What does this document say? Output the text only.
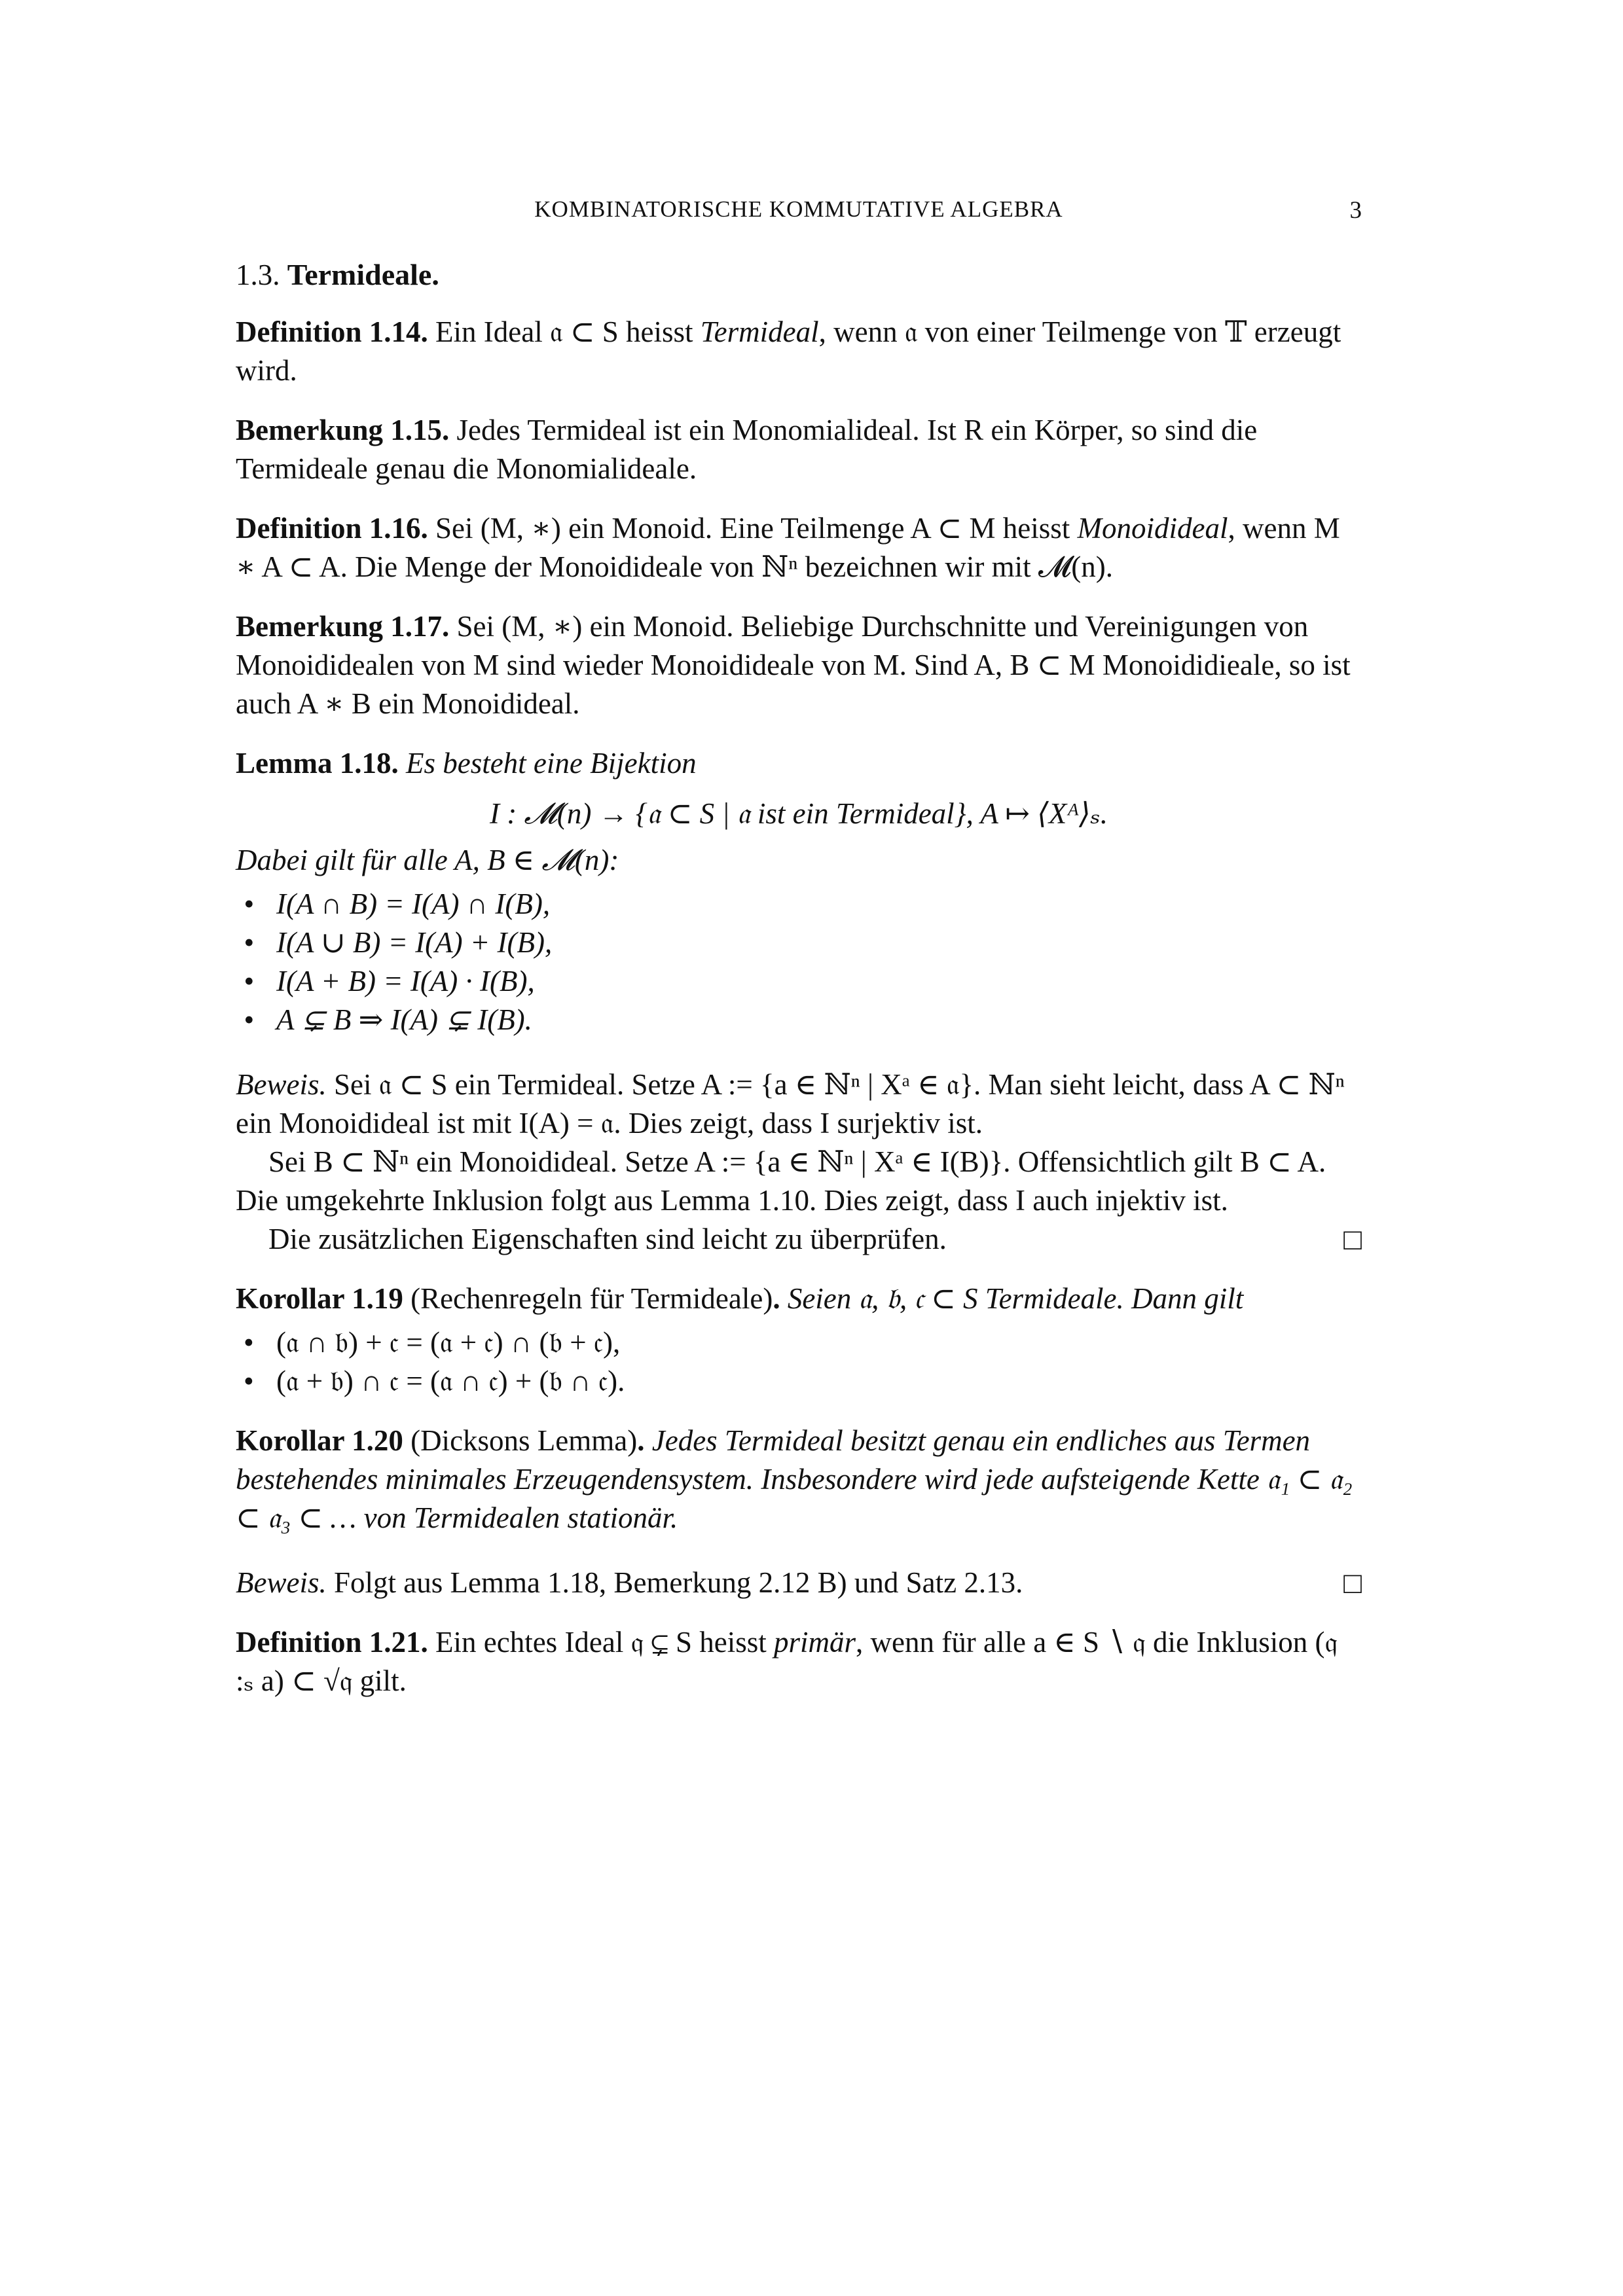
KOMBINATORISCHE KOMMUTATIVE ALGEBRA	3

1.3. Termideale.

Definition 1.14. Ein Ideal 𝔞 ⊂ S heisst Termideal, wenn 𝔞 von einer Teilmenge von 𝕋 erzeugt wird.

Bemerkung 1.15. Jedes Termideal ist ein Monomialideal. Ist R ein Körper, so sind die Termideale genau die Monomialideale.

Definition 1.16. Sei (M, ∗) ein Monoid. Eine Teilmenge A ⊂ M heisst Monoidideal, wenn M ∗ A ⊂ A. Die Menge der Monoidideale von ℕⁿ bezeichnen wir mit 𝓜(n).

Bemerkung 1.17. Sei (M, ∗) ein Monoid. Beliebige Durchschnitte und Vereinigungen von Monoididealen von M sind wieder Monoidideale von M. Sind A, B ⊂ M Monoididieale, so ist auch A ∗ B ein Monoidideal.

Lemma 1.18. Es besteht eine Bijektion

I : 𝓜(n) → {𝔞 ⊂ S | 𝔞 ist ein Termideal}, A ↦ ⟨Xᴬ⟩ₛ.

Dabei gilt für alle A, B ∈ 𝓜(n):

• I(A ∩ B) = I(A) ∩ I(B),
• I(A ∪ B) = I(A) + I(B),
• I(A + B) = I(A) · I(B),
• A ⊊ B ⇒ I(A) ⊊ I(B).

Beweis. Sei 𝔞 ⊂ S ein Termideal. Setze A := {a ∈ ℕⁿ | Xᵃ ∈ 𝔞}. Man sieht leicht, dass A ⊂ ℕⁿ ein Monoidideal ist mit I(A) = 𝔞. Dies zeigt, dass I surjektiv ist.

Sei B ⊂ ℕⁿ ein Monoidideal. Setze A := {a ∈ ℕⁿ | Xᵃ ∈ I(B)}. Offensichtlich gilt B ⊂ A. Die umgekehrte Inklusion folgt aus Lemma 1.10. Dies zeigt, dass I auch injektiv ist.

Die zusätzlichen Eigenschaften sind leicht zu überprüfen.	□

Korollar 1.19 (Rechenregeln für Termideale). Seien 𝔞, 𝔟, 𝔠 ⊂ S Termideale. Dann gilt

• (𝔞 ∩ 𝔟) + 𝔠 = (𝔞 + 𝔠) ∩ (𝔟 + 𝔠),
• (𝔞 + 𝔟) ∩ 𝔠 = (𝔞 ∩ 𝔠) + (𝔟 ∩ 𝔠).

Korollar 1.20 (Dicksons Lemma). Jedes Termideal besitzt genau ein endliches aus Termen bestehendes minimales Erzeugendensystem. Insbesondere wird jede aufsteigende Kette 𝔞₁ ⊂ 𝔞₂ ⊂ 𝔞₃ ⊂ … von Termidealen stationär.

Beweis. Folgt aus Lemma 1.18, Bemerkung 2.12 B) und Satz 2.13.	□

Definition 1.21. Ein echtes Ideal 𝔮 ⊊ S heisst primär, wenn für alle a ∈ S ∖ 𝔮 die Inklusion (𝔮 :ₛ a) ⊂ √𝔮 gilt.
